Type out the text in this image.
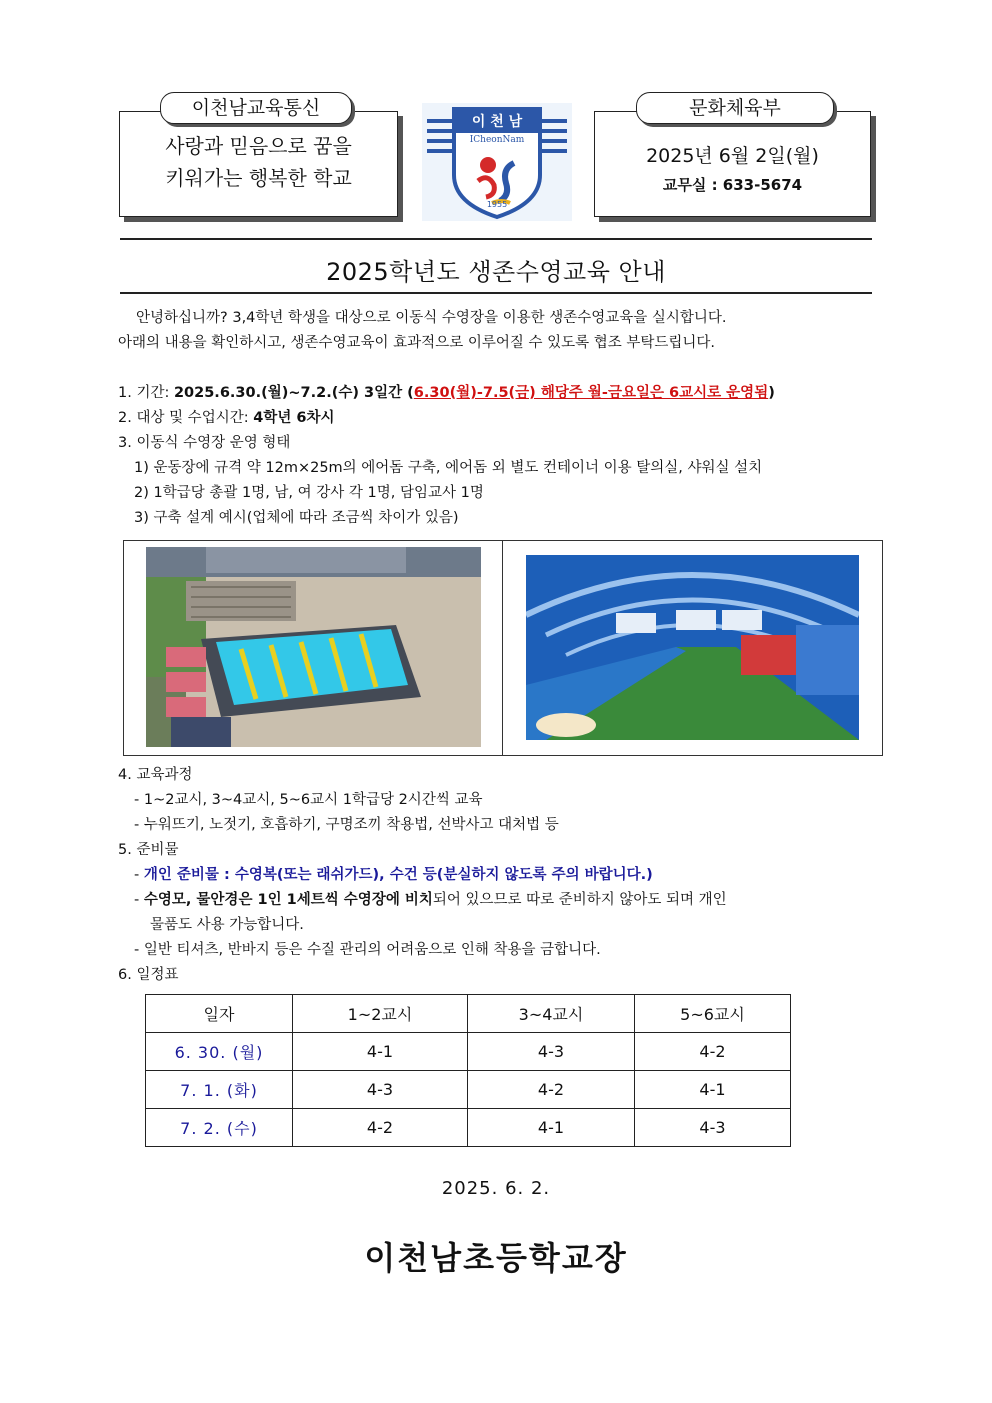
이천남교육통신
사랑과 믿음으로 꿈을
키워가는 행복한 학교
이 천 남
ICheonNam
1955
문화체육부
2025년 6월 2일(월)
교무실 : 633-5674
2025학년도 생존수영교육 안내
안녕하십니까? 3,4학년 학생을 대상으로 이동식 수영장을 이용한 생존수영교육을 실시합니다.
아래의 내용을 확인하시고, 생존수영교육이 효과적으로 이루어질 수 있도록 협조 부탁드립니다.
1. 기간: 2025.6.30.(월)~7.2.(수) 3일간 (6.30(월)-7.5(금) 해당주 월-금요일은 6교시로 운영됨)
2. 대상 및 수업시간: 4학년 6차시
3. 이동식 수영장 운영 형태
1) 운동장에 규격 약 12m×25m의 에어돔 구축, 에어돔 외 별도 컨테이너 이용 탈의실, 샤워실 설치
2) 1학급당 총괄 1명, 남, 여 강사 각 1명, 담임교사 1명
3) 구축 설계 예시(업체에 따라 조금씩 차이가 있음)
4. 교육과정
- 1~2교시, 3~4교시, 5~6교시 1학급당 2시간씩 교육
- 누워뜨기, 노젓기, 호흡하기, 구명조끼 착용법, 선박사고 대처법 등
5. 준비물
- 개인 준비물 : 수영복(또는 래쉬가드), 수건 등(분실하지 않도록 주의 바랍니다.)
- 수영모, 물안경은 1인 1세트씩 수영장에 비치되어 있으므로 따로 준비하지 않아도 되며 개인
물품도 사용 가능합니다.
- 일반 티셔츠, 반바지 등은 수질 관리의 어려움으로 인해 착용을 금합니다.
6. 일정표
일자	1~2교시	3~4교시	5~6교시
6. 30. (월)	4-1	4-3	4-2
7. 1. (화)	4-3	4-2	4-1
7. 2. (수)	4-2	4-1	4-3
2025. 6. 2.
이천남초등학교장
